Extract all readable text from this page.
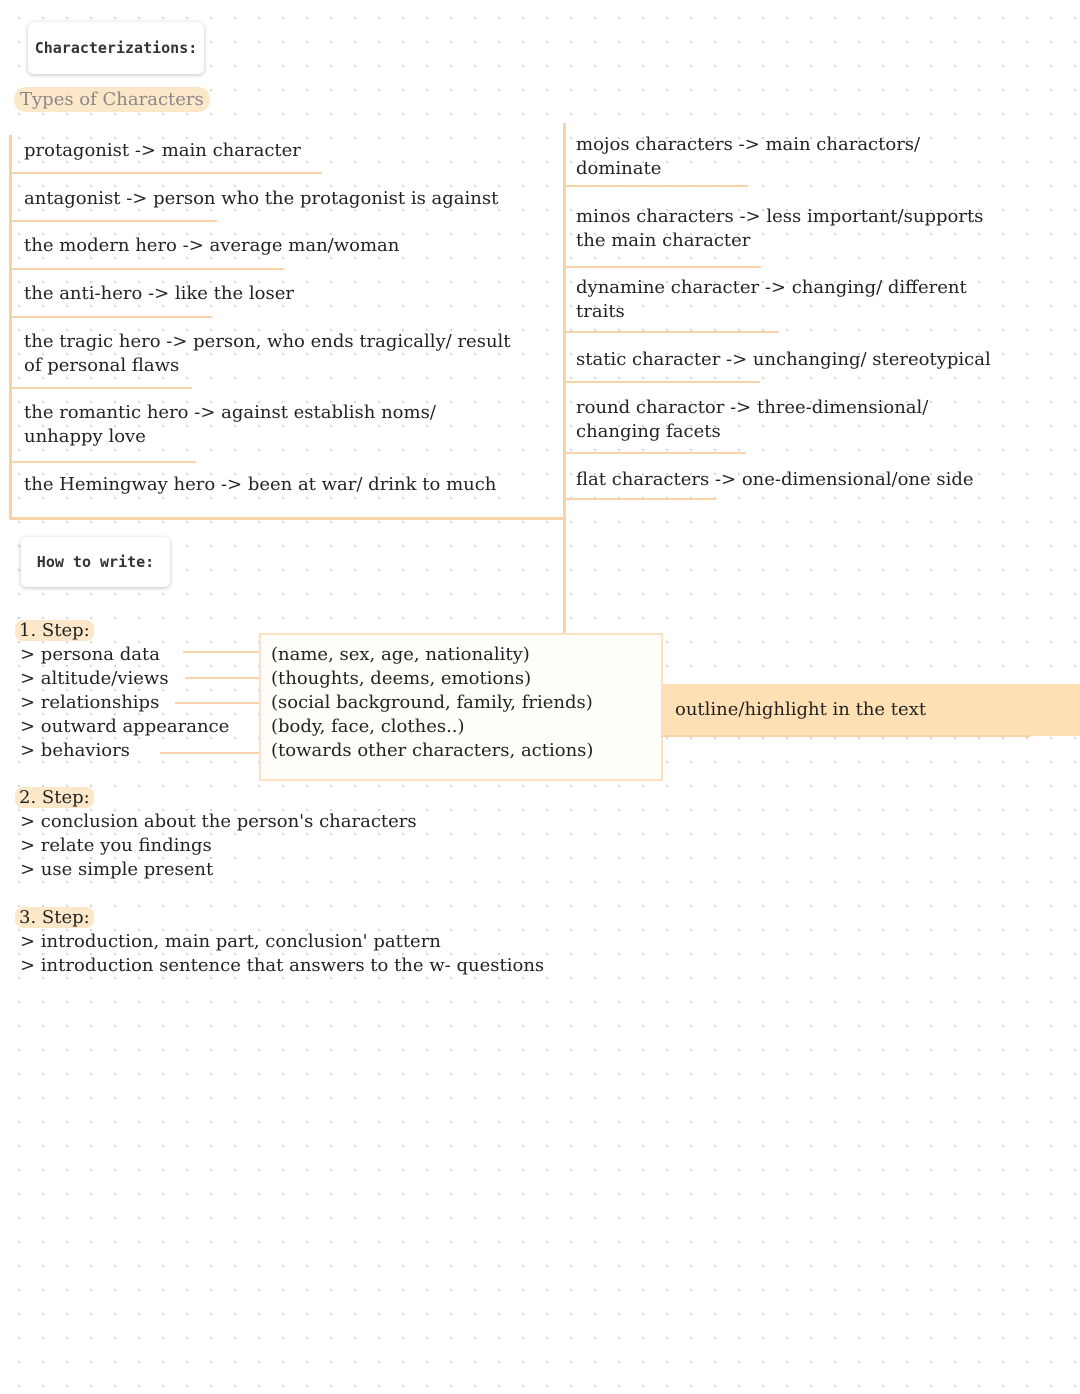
Characterizations:
Types of Characters
protagonist -> main character
antagonist -> person who the protagonist is against
the modern hero -> average man/woman
the anti-hero -> like the loser
the tragic hero -> person, who ends tragically/ result
of personal flaws
the romantic hero -> against establish noms/
unhappy love
the Hemingway hero -> been at war/ drink to much
mojos characters -> main charactors/
dominate
minos characters -> less important/supports
the main character
dynamine character -> changing/ different
traits
static character -> unchanging/ stereotypical
round charactor -> three-dimensional/
changing facets
flat characters -> one-dimensional/one side
How to write:
1. Step:
> persona data
> altitude/views
> relationships
> outward appearance
> behaviors
(name, sex, age, nationality)
(thoughts, deems, emotions)
(social background, family, friends)
(body, face, clothes..)
(towards other characters, actions)
outline/highlight in the text
2. Step:
> conclusion about the person's characters
> relate you findings
> use simple present
3. Step:
> introduction, main part, conclusion' pattern
> introduction sentence that answers to the w- questions
